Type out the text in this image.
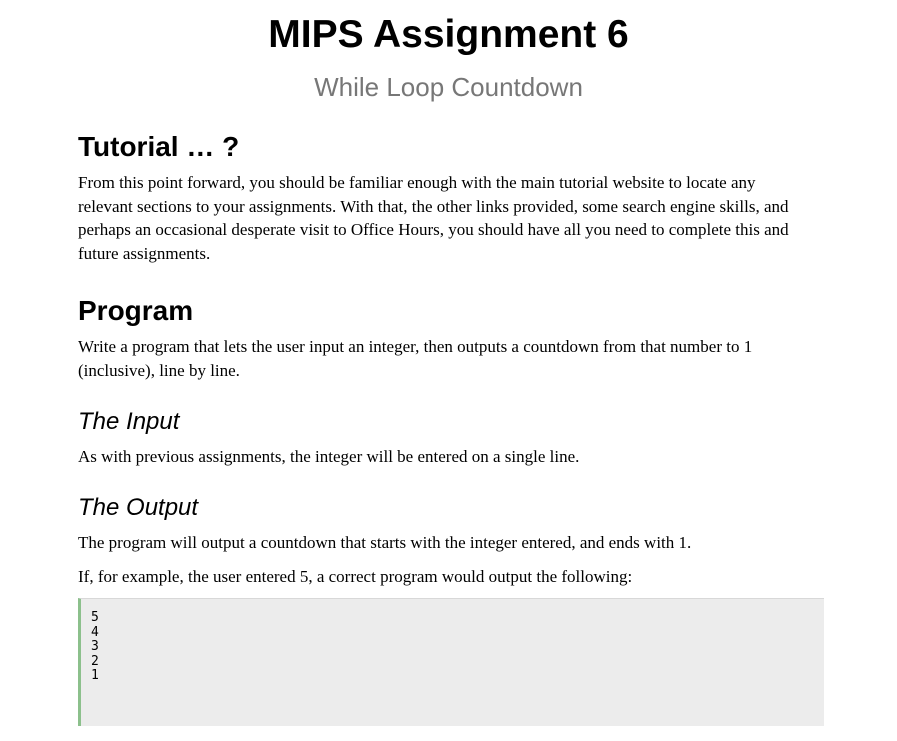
MIPS Assignment 6
While Loop Countdown
Tutorial … ?

From this point forward, you should be familiar enough with the main tutorial website to locate any relevant sections to your assignments. With that, the other links provided, some search engine skills, and perhaps an occasional desperate visit to Office Hours, you should have all you need to complete this and future assignments.

Program

Write a program that lets the user input an integer, then outputs a countdown from that number to 1 (inclusive), line by line.

The Input

As with previous assignments, the integer will be entered on a single line.

The Output

The program will output a countdown that starts with the integer entered, and ends with 1.

If, for example, the user entered 5, a correct program would output the following:

5
4
3
2
1
